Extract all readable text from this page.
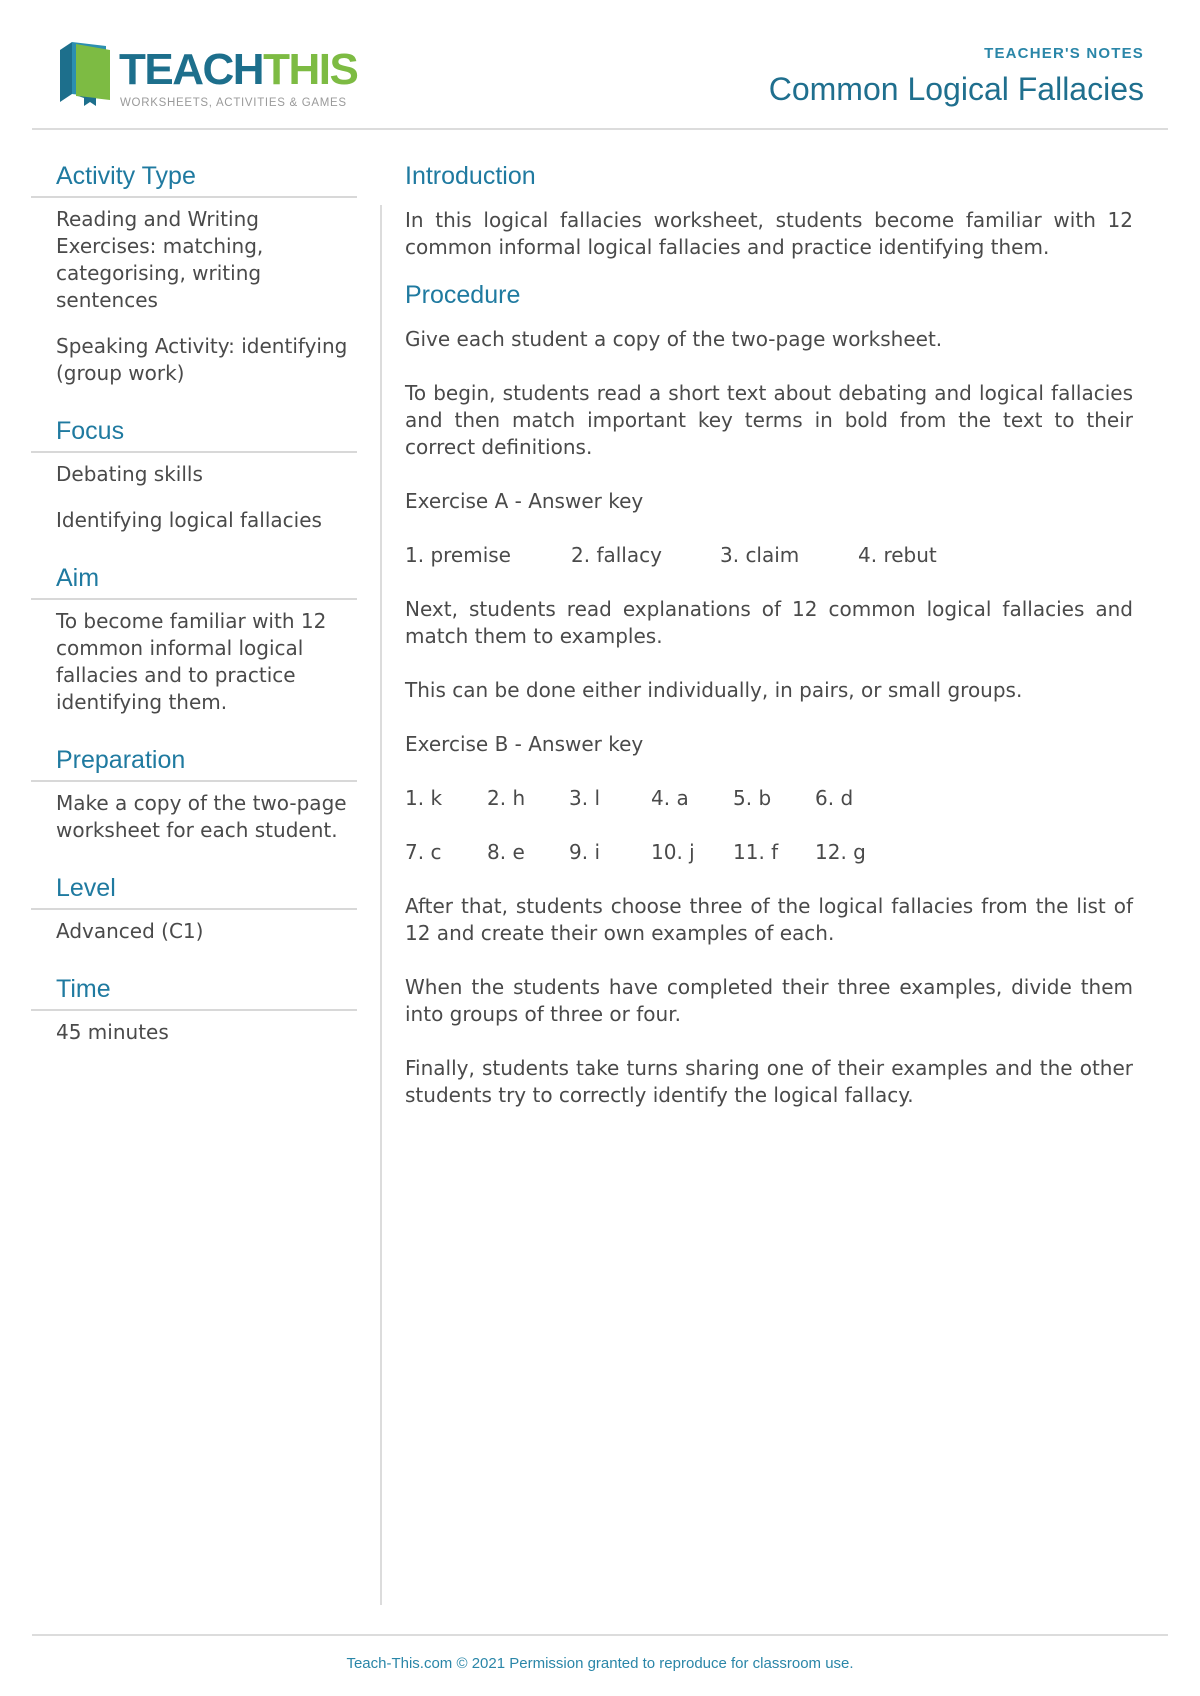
TEACHTHIS
WORKSHEETS, ACTIVITIES & GAMES
TEACHER'S NOTES
Common Logical Fallacies
Activity Type
Reading and Writing Exercises: matching, categorising, writing sentences
Speaking Activity: identifying (group work)
Focus
Debating skills
Identifying logical fallacies
Aim
To become familiar with 12 common informal logical fallacies and to practice identifying them.
Preparation
Make a copy of the two-page worksheet for each student.
Level
Advanced (C1)
Time
45 minutes
Introduction

In this logical fallacies worksheet, students become familiar with 12 common informal logical fallacies and practice identifying them.

Procedure

Give each student a copy of the two-page worksheet.

To begin, students read a short text about debating and logical fallacies and then match important key terms in bold from the text to their correct definitions.

Exercise A - Answer key

1. premise	2. fallacy	3. claim	4. rebut

Next, students read explanations of 12 common logical fallacies and match them to examples.

This can be done either individually, in pairs, or small groups.

Exercise B - Answer key

1. k	2. h	3. l	4. a	5. b	6. d
7. c	8. e	9. i	10. j	11. f	12. g

After that, students choose three of the logical fallacies from the list of 12 and create their own examples of each.

When the students have completed their three examples, divide them into groups of three or four.

Finally, students take turns sharing one of their examples and the other students try to correctly identify the logical fallacy.

Teach-This.com © 2021 Permission granted to reproduce for classroom use.
